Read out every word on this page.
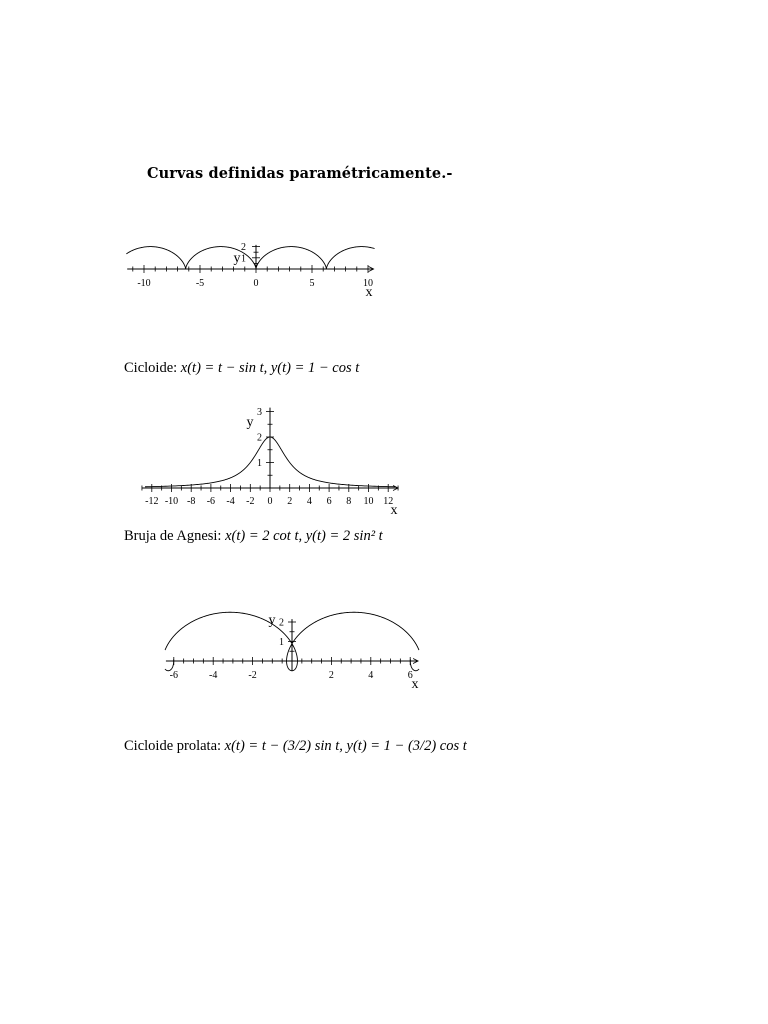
Curvas definidas paramétricamente.-
-10	-5	0	5	10
1
2
x
y
-12 -10 -8 -6 -4 -2 0 2 4 6 8 10 12
1
2
3
x
y
-6	-4	-2	2	4	6
1
2
x
y
Cicloide: x(t) = t − sin t, y(t) = 1 − cos t
Bruja de Agnesi: x(t) = 2 cot t, y(t) = 2 sin² t
Cicloide prolata: x(t) = t − (3/2) sin t, y(t) = 1 − (3/2) cos t
